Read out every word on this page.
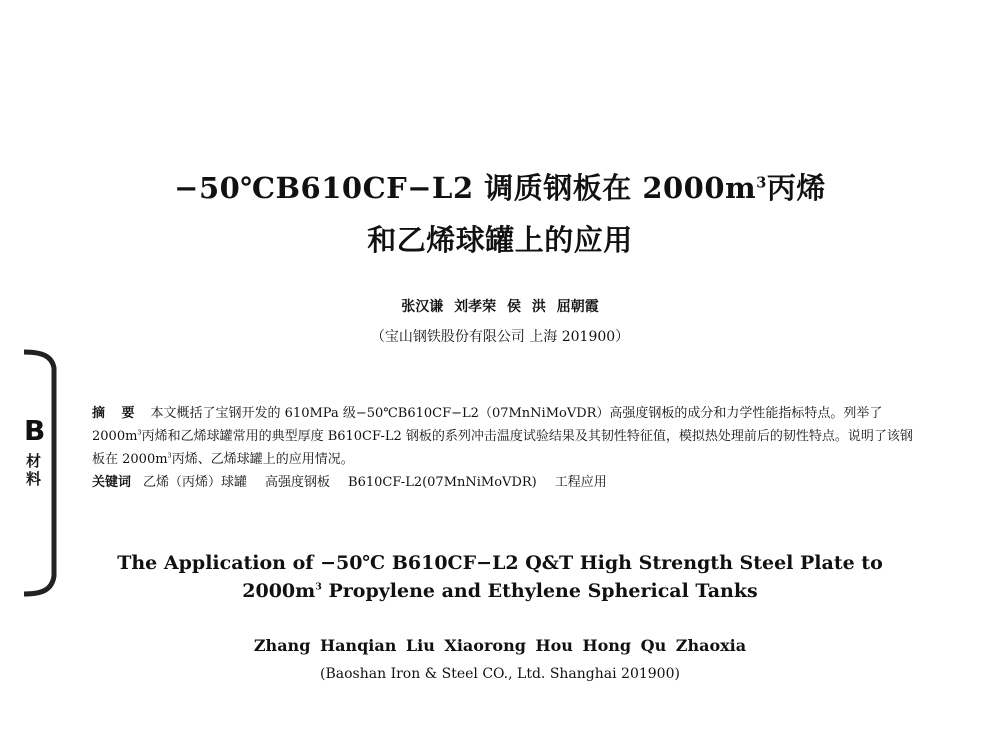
−50℃B610CF−L2 调质钢板在 $2000m^3$丙烯
和乙烯球罐上的应用
张汉谦 刘孝荣 侯 洪 屈朝霞
（宝山钢铁股份有限公司 上海 201900）
B
材
料
摘 要 本文概括了宝钢开发的 610MPa 级−50℃B610CF−L2（07MnNiMoVDR）高强度钢板的成分和力学性能指标特点。列举了 $2000m^3$丙烯和乙烯球罐常用的典型厚度 B610CF-L2 钢板的系列冲击温度试验结果及其韧性特征值，模拟热处理前后的韧性特点。说明了该钢板在 $2000m^3$丙烯、乙烯球罐上的应用情况。
关键词 乙烯（丙烯）球罐 高强度钢板 B610CF-L2(07MnNiMoVDR) 工程应用
The Application of −50℃ B610CF−L2 Q&T High Strength Steel Plate to
$2000m^3$ Propylene and Ethylene Spherical Tanks
Zhang Hanqian Liu Xiaorong Hou Hong Qu Zhaoxia
(Baoshan Iron & Steel CO., Ltd. Shanghai 201900)
